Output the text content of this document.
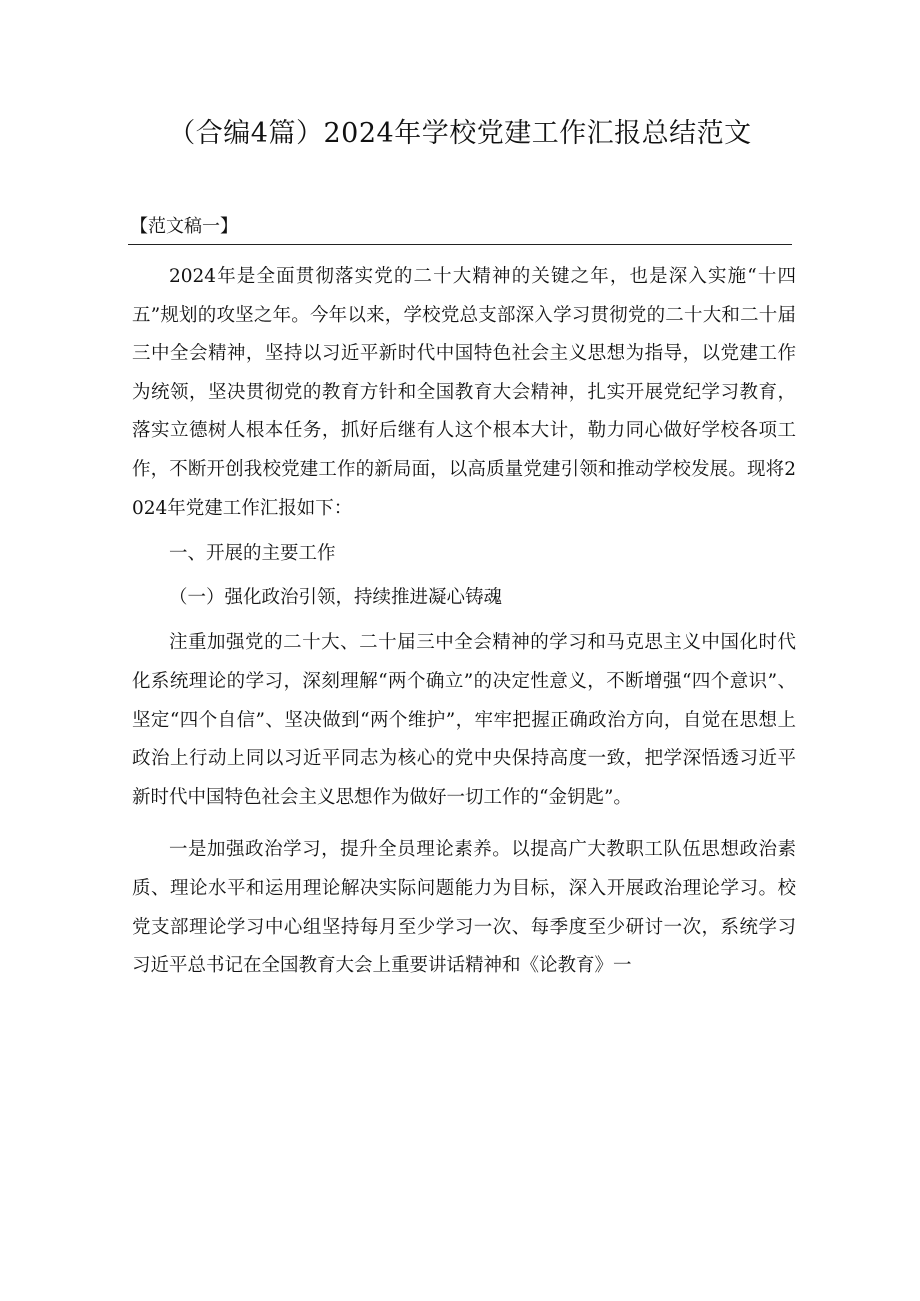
（合编4篇）2024年学校党建工作汇报总结范文
【范文稿一】

2024年是全面贯彻落实党的二十大精神的关键之年，也是深入实施“十四五”规划的攻坚之年。今年以来，学校党总支部深入学习贯彻党的二十大和二十届三中全会精神，坚持以习近平新时代中国特色社会主义思想为指导，以党建工作为统领，坚决贯彻党的教育方针和全国教育大会精神，扎实开展党纪学习教育，落实立德树人根本任务，抓好后继有人这个根本大计，勒力同心做好学校各项工作，不断开创我校党建工作的新局面，以高质量党建引领和推动学校发展。现将2024年党建工作汇报如下：

一、开展的主要工作

（一）强化政治引领，持续推进凝心铸魂

注重加强党的二十大、二十届三中全会精神的学习和马克思主义中国化时代化系统理论的学习，深刻理解“两个确立”的决定性意义，不断增强“四个意识”、坚定“四个自信”、坚决做到“两个维护”，牢牢把握正确政治方向，自觉在思想上政治上行动上同以习近平同志为核心的党中央保持高度一致，把学深悟透习近平新时代中国特色社会主义思想作为做好一切工作的“金钥匙”。

一是加强政治学习，提升全员理论素养。以提高广大教职工队伍思想政治素质、理论水平和运用理论解决实际问题能力为目标，深入开展政治理论学习。校党支部理论学习中心组坚持每月至少学习一次、每季度至少研讨一次，系统学习习近平总书记在全国教育大会上重要讲话精神和《论教育》一
